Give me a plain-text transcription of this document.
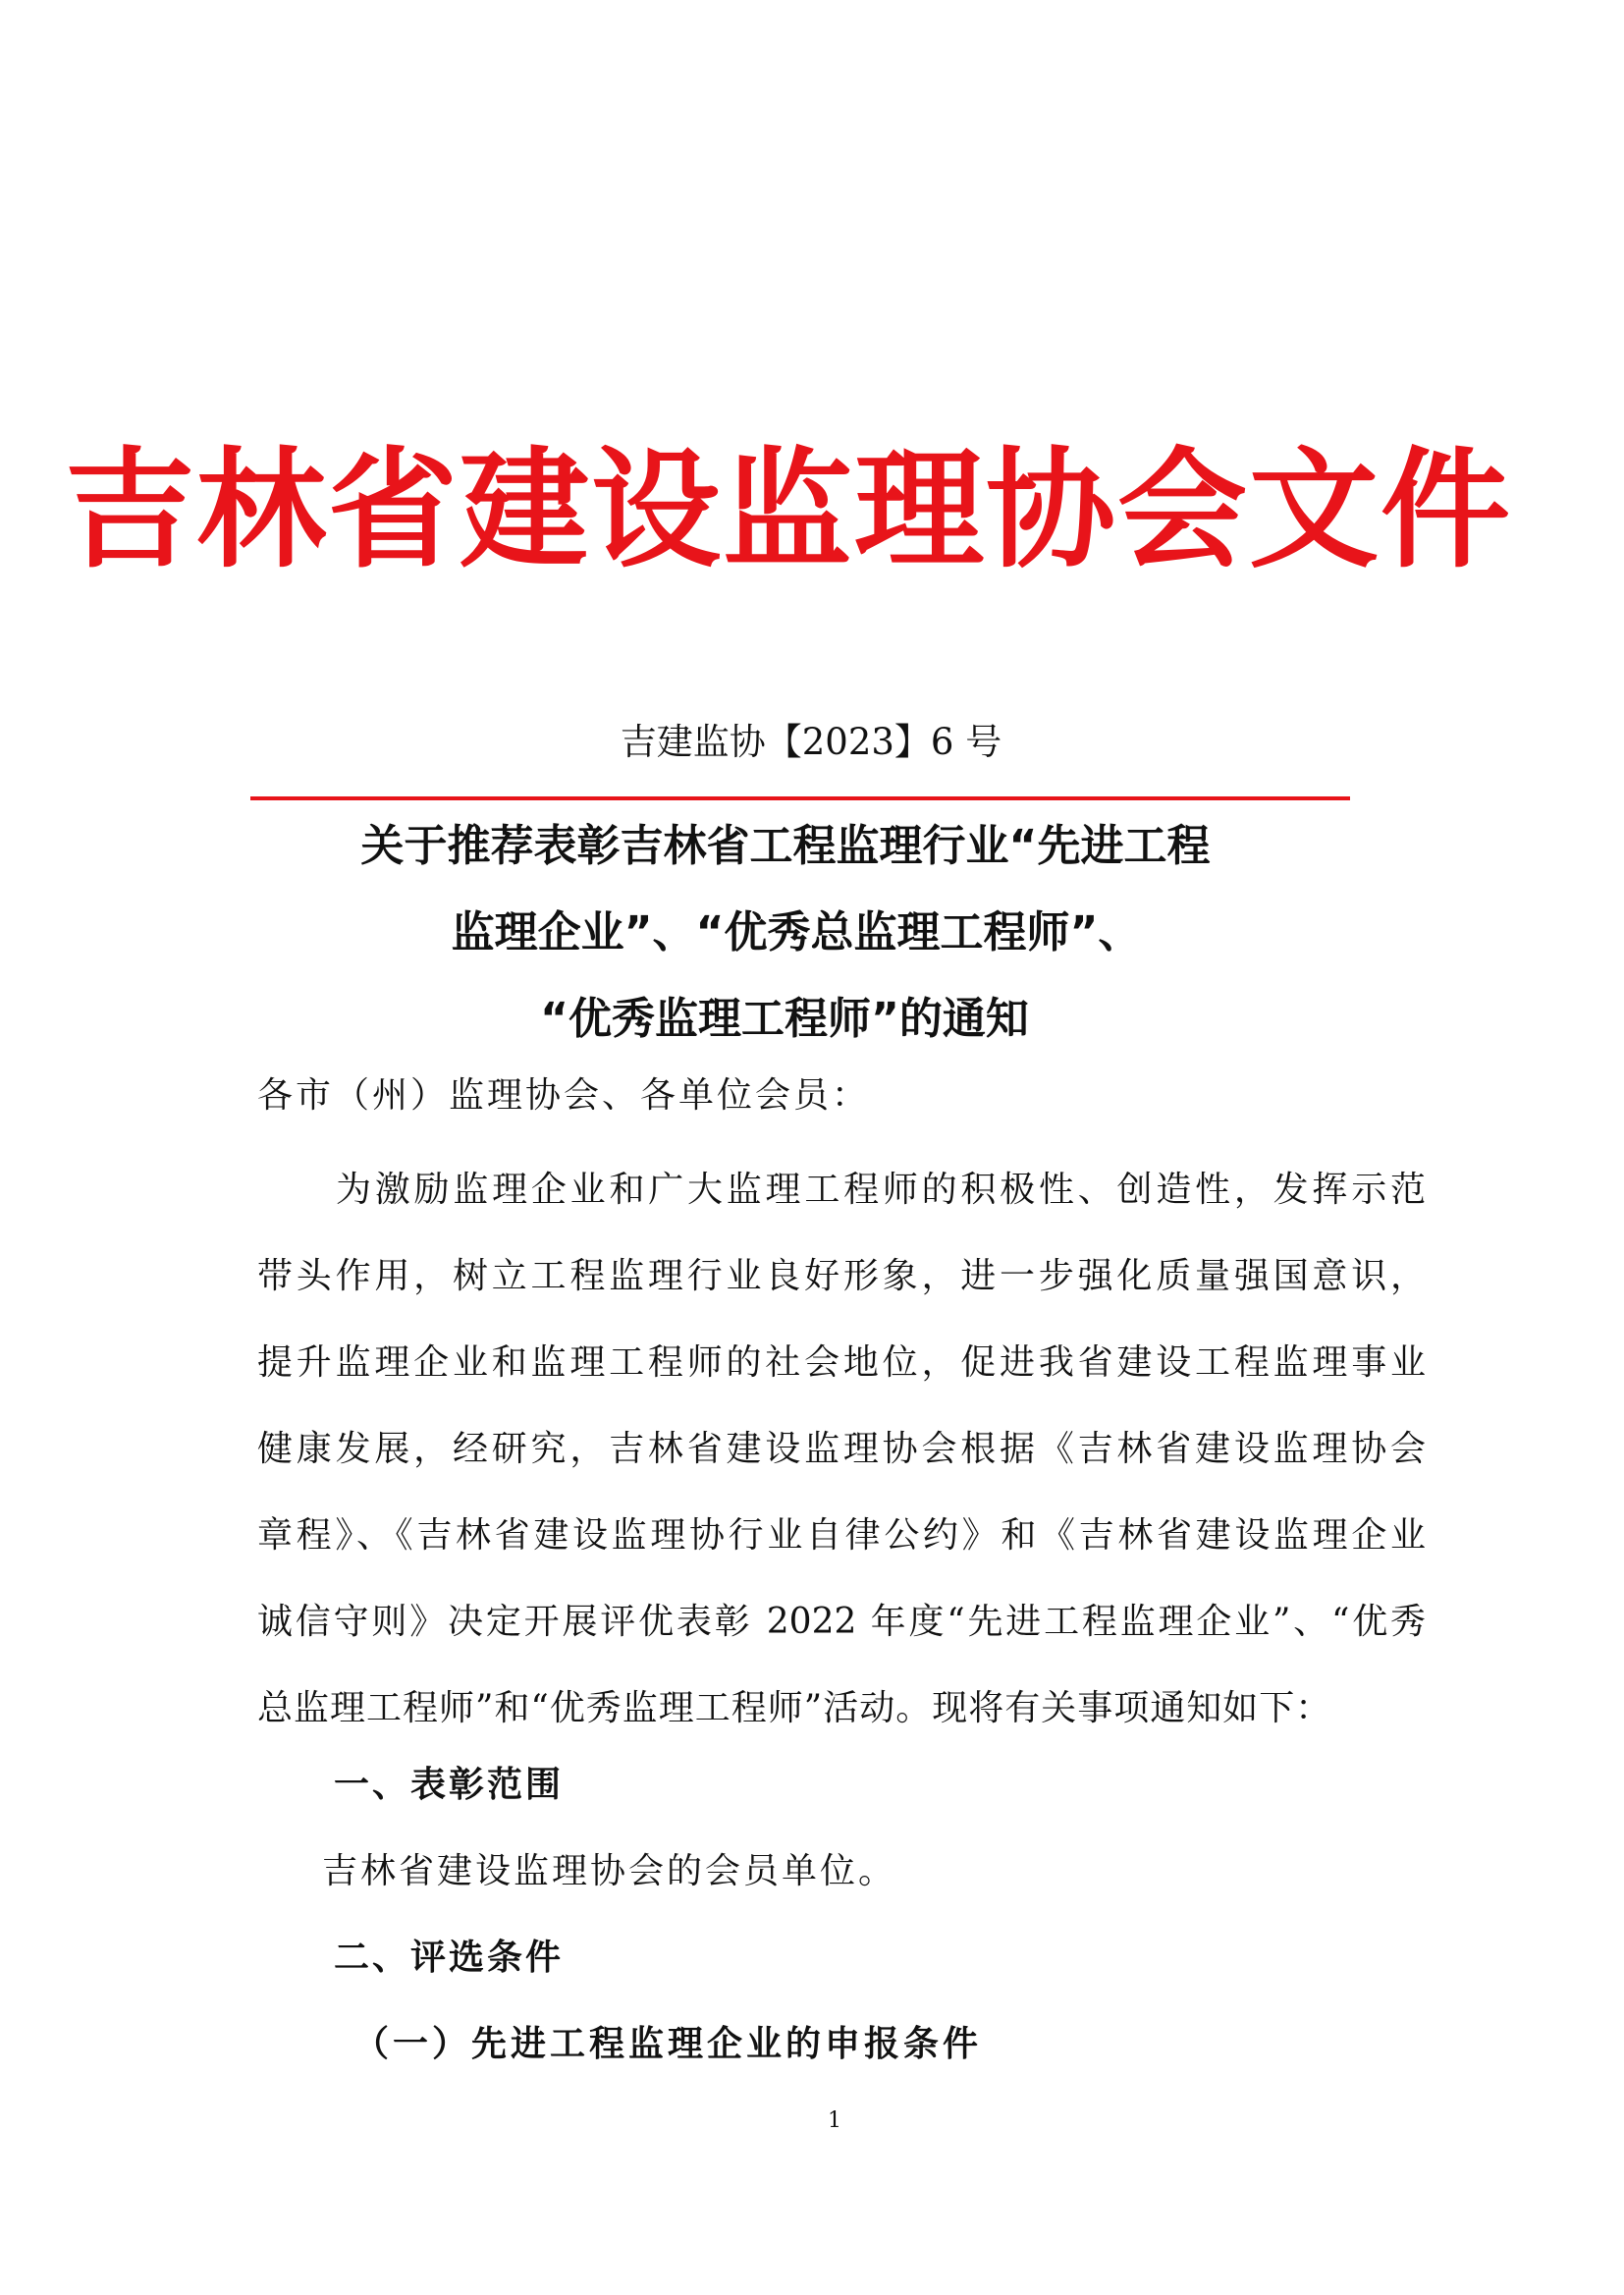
吉林省建设监理协会文件
吉建监协【2023】6 号
关于推荐表彰吉林省工程监理行业“先进工程
监理企业”、“优秀总监理工程师”、
“优秀监理工程师”的通知
各市（州）监理协会、各单位会员：
为激励监理企业和广大监理工程师的积极性、创造性，发挥示范
带头作用，树立工程监理行业良好形象，进一步强化质量强国意识，
提升监理企业和监理工程师的社会地位，促进我省建设工程监理事业
健康发展，经研究，吉林省建设监理协会根据《吉林省建设监理协会
章程》、《吉林省建设监理协行业自律公约》和《吉林省建设监理企业
诚信守则》决定开展评优表彰 2022 年度“先进工程监理企业”、“优秀
总监理工程师”和“优秀监理工程师”活动。现将有关事项通知如下：
一、表彰范围
吉林省建设监理协会的会员单位。
二、评选条件
（一）先进工程监理企业的申报条件
1
